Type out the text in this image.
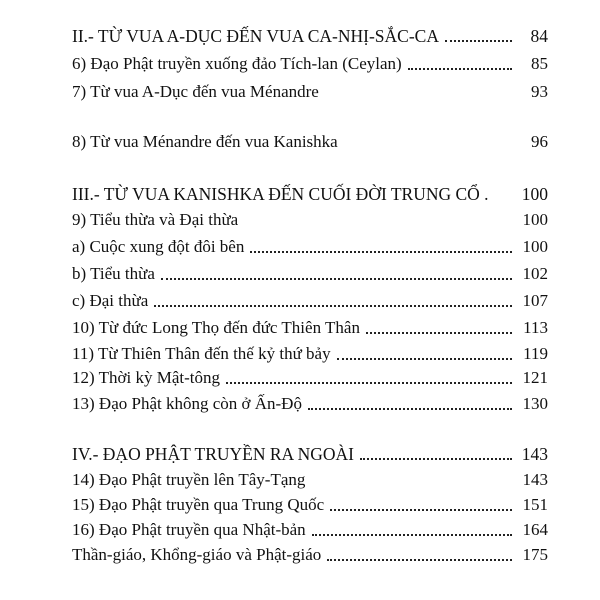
II.- TỪ VUA A-DỤC ĐẾN VUA CA-NHỊ-SẮC-CA	84
6) Đạo Phật truyền xuống đảo Tích-lan (Ceylan)	85
7) Từ vua A-Dục đến vua Ménandre	93
8) Từ vua Ménandre đến vua Kanishka	96
III.- TỪ VUA KANISHKA ĐẾN CUỐI ĐỜI TRUNG CỔ . 100
9) Tiểu thừa và Đại thừa	100
a) Cuộc xung đột đôi bên	100
b) Tiểu thừa	102
c) Đại thừa	107
10) Từ đức Long Thọ đến đức Thiên Thân	113
11) Từ Thiên Thân đến thế kỷ thứ bảy	119
12) Thời kỳ Mật-tông	121
13) Đạo Phật không còn ở Ấn-Độ	130
IV.- ĐẠO PHẬT TRUYỀN RA NGOÀI	143
14) Đạo Phật truyền lên Tây-Tạng	143
15) Đạo Phật truyền qua Trung Quốc	151
16) Đạo Phật truyền qua Nhật-bản	164
Thần-giáo, Khổng-giáo và Phật-giáo	175
